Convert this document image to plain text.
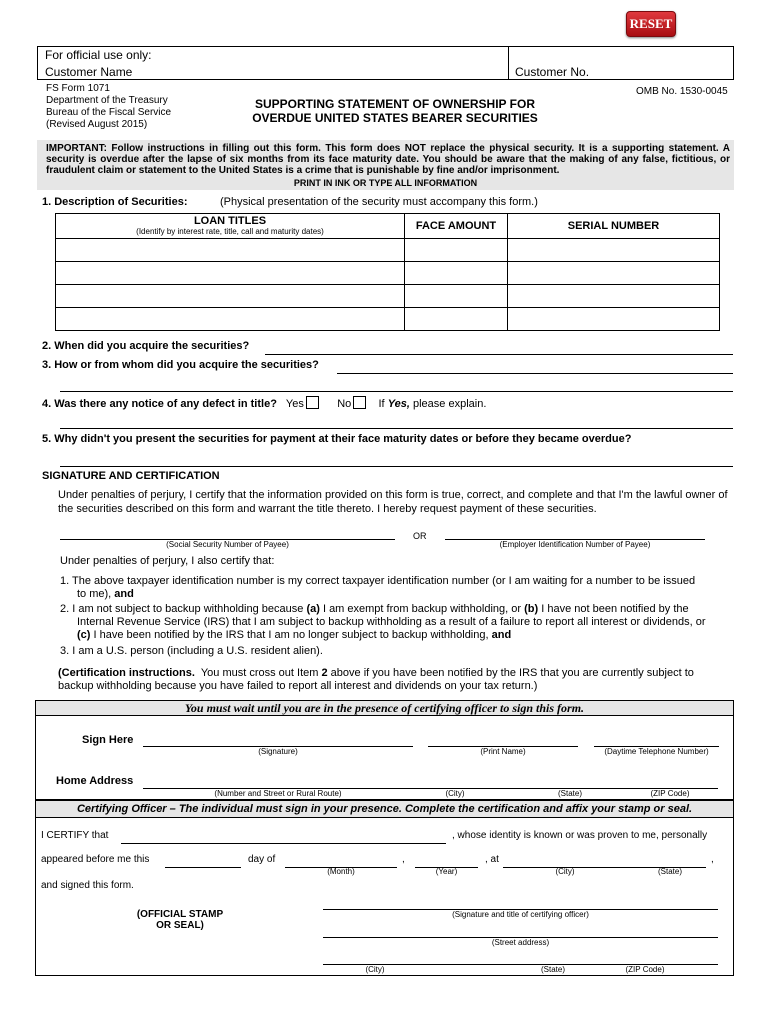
RESET
For official use only:
Customer Name	Customer No.
FS Form 1071
Department of the Treasury
Bureau of the Fiscal Service
(Revised August 2015)
SUPPORTING STATEMENT OF OWNERSHIP FOR
OVERDUE UNITED STATES BEARER SECURITIES
OMB No. 1530-0045
IMPORTANT: Follow instructions in filling out this form. This form does NOT replace the physical security. It is a supporting statement. A security is overdue after the lapse of six months from its face maturity date. You should be aware that the making of any false, fictitious, or fraudulent claim or statement to the United States is a crime that is punishable by fine and/or imprisonment.
PRINT IN INK OR TYPE ALL INFORMATION
1. Description of Securities:	(Physical presentation of the security must accompany this form.)
LOAN TITLES
(Identify by interest rate, title, call and maturity dates)	FACE AMOUNT	SERIAL NUMBER

2. When did you acquire the securities?
3. How or from whom did you acquire the securities?
4. Was there any notice of any defect in title? Yes	No If Yes, please explain.
5. Why didn't you present the securities for payment at their face maturity dates or before they became overdue?
SIGNATURE AND CERTIFICATION
Under penalties of perjury, I certify that the information provided on this form is true, correct, and complete and that I'm the lawful owner of the securities described on this form and warrant the title thereto. I hereby request payment of these securities.
(Social Security Number of Payee)
OR
(Employer Identification Number of Payee)
Under penalties of perjury, I also certify that:
1. The above taxpayer identification number is my correct taxpayer identification number (or I am waiting for a number to be issued
to me), and
2. I am not subject to backup withholding because (a) I am exempt from backup withholding, or (b) I have not been notified by the
Internal Revenue Service (IRS) that I am subject to backup withholding as a result of a failure to report all interest or dividends, or
(c) I have been notified by the IRS that I am no longer subject to backup withholding, and
3. I am a U.S. person (including a U.S. resident alien).
(Certification instructions. You must cross out Item 2 above if you have been notified by the IRS that you are currently subject to
backup withholding because you have failed to report all interest and dividends on your tax return.)
You must wait until you are in the presence of certifying officer to sign this form.
Sign Here
(Signature)	(Print Name)	(Daytime Telephone Number)
Home Address
(Number and Street or Rural Route)	(City)	(State)	(ZIP Code)
Certifying Officer – The individual must sign in your presence. Complete the certification and affix your stamp or seal.
I CERTIFY that	, whose identity is known or was proven to me, personally
appeared before me this	day of
(Month)
,
(Year)
, at
(City)	(State)
,
and signed this form.
(OFFICIAL STAMP
OR SEAL)
(Signature and title of certifying officer)
(Street address)
(City)	(State)	(ZIP Code)
